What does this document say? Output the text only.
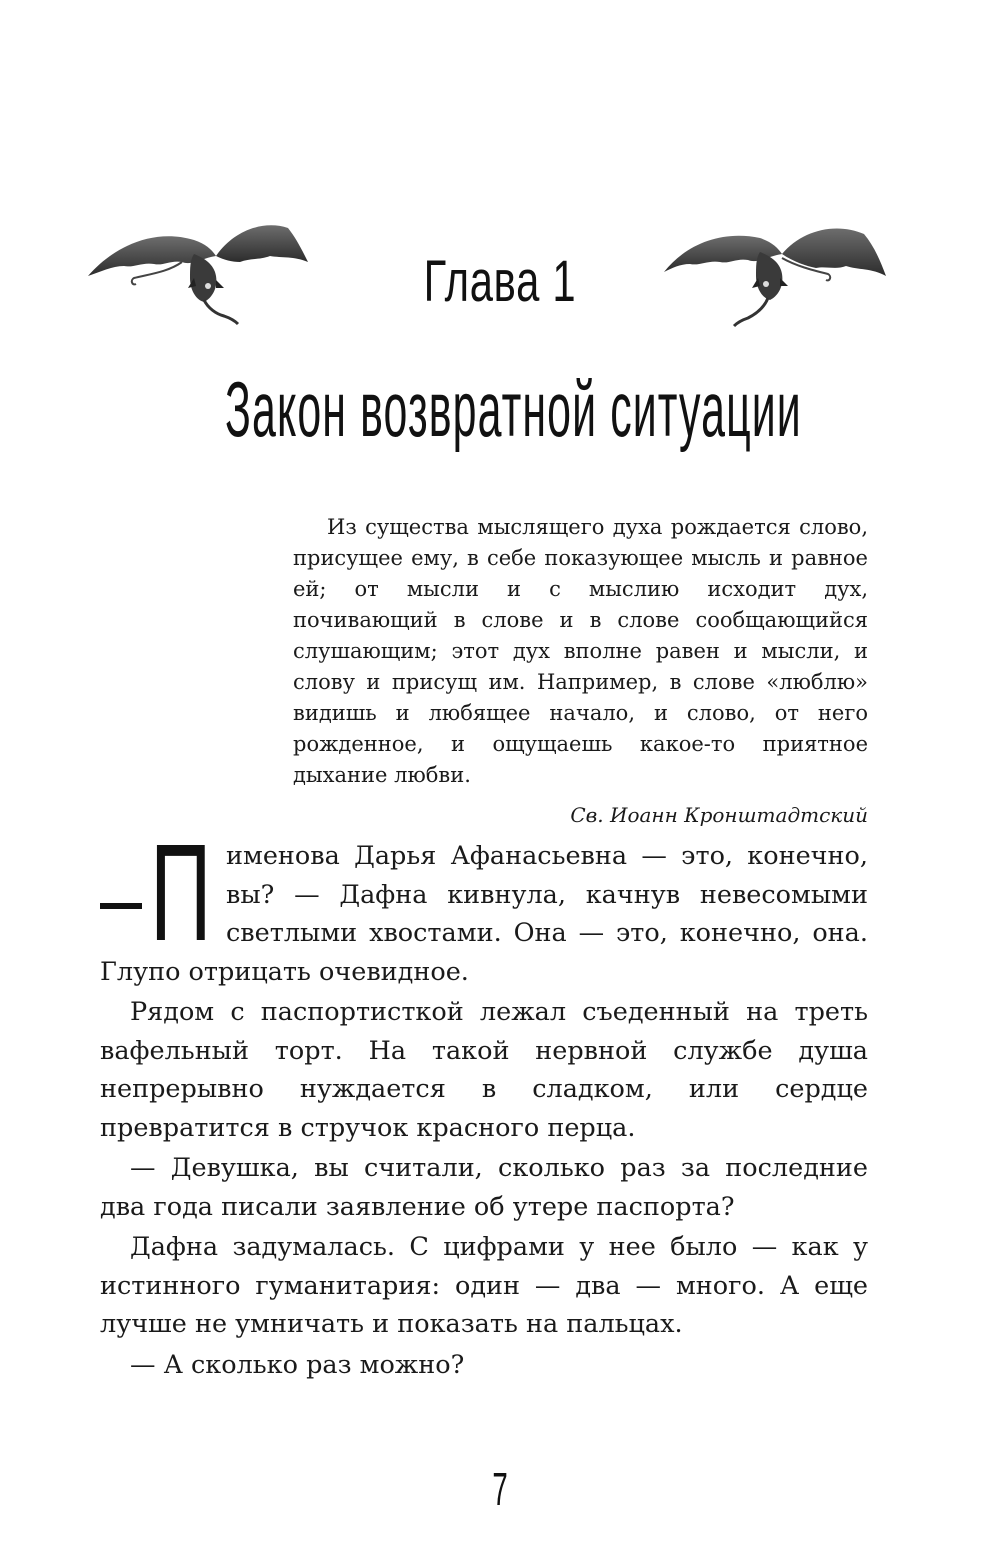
Глава 1
Закон возвратной ситуации

Из существа мыслящего духа рождается слово, присущее ему, в себе показующее мысль и равное ей; от мысли и с мыслию исходит дух, почивающий в слове и в слове сообщающийся слушающим; этот дух вполне равен и мысли, и слову и присущ им. Например, в слове «люблю» видишь и любящее начало, и слово, от него рожденное, и ощущаешь какое-то приятное дыхание любви.

Св. Иоанн Кронштадтский

Пименова Дарья Афанасьевна — это, конечно, вы? — Дафна кивнула, качнув невесомыми светлыми хвостами. Она — это, конечно, она. Глупо отрицать очевидное.

Рядом с паспортисткой лежал съеденный на треть вафельный торт. На такой нервной службе душа непрерывно нуждается в сладком, или сердце превратится в стручок красного перца.

— Девушка, вы считали, сколько раз за последние два года писали заявление об утере паспорта?

Дафна задумалась. С цифрами у нее было — как у истинного гуманитария: один — два — много. А еще лучше не умничать и показать на пальцах.

— А сколько раз можно?

7
